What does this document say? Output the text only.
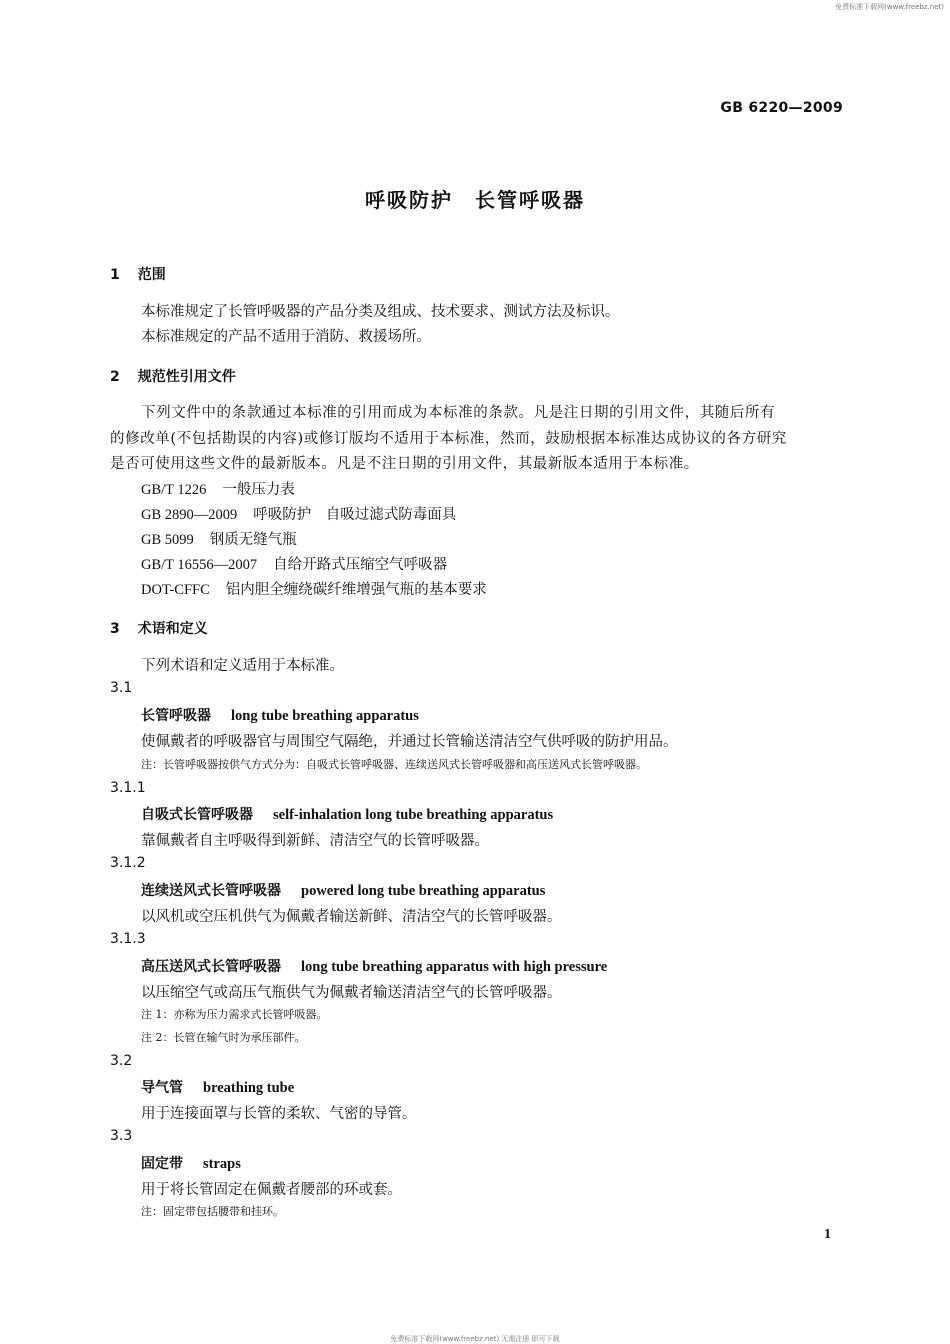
免费标准下载网(www.freebz.net)
GB 6220—2009
呼吸防护　长管呼吸器
1 范围
本标准规定了长管呼吸器的产品分类及组成、技术要求、测试方法及标识。
本标准规定的产品不适用于消防、救援场所。
2 规范性引用文件
下列文件中的条款通过本标准的引用而成为本标准的条款。凡是注日期的引用文件，其随后所有
的修改单(不包括勘误的内容)或修订版均不适用于本标准，然而，鼓励根据本标准达成协议的各方研究
是否可使用这些文件的最新版本。凡是不注日期的引用文件，其最新版本适用于本标准。
GB/T 1226 一般压力表
GB 2890—2009 呼吸防护　自吸过滤式防毒面具
GB 5099 钢质无缝气瓶
GB/T 16556—2007 自给开路式压缩空气呼吸器
DOT-CFFC 铝内胆全缠绕碳纤维增强气瓶的基本要求
3 术语和定义
下列术语和定义适用于本标准。
3.1
长管呼吸器 long tube breathing apparatus
使佩戴者的呼吸器官与周围空气隔绝，并通过长管输送清洁空气供呼吸的防护用品。
注：长管呼吸器按供气方式分为：自吸式长管呼吸器、连续送风式长管呼吸器和高压送风式长管呼吸器。
3.1.1
自吸式长管呼吸器 self-inhalation long tube breathing apparatus
靠佩戴者自主呼吸得到新鲜、清洁空气的长管呼吸器。
3.1.2
连续送风式长管呼吸器 powered long tube breathing apparatus
以风机或空压机供气为佩戴者输送新鲜、清洁空气的长管呼吸器。
3.1.3
高压送风式长管呼吸器 long tube breathing apparatus with high pressure
以压缩空气或高压气瓶供气为佩戴者输送清洁空气的长管呼吸器。
注 1：亦称为压力需求式长管呼吸器。
注 2：长管在输气时为承压部件。
3.2
导气管 breathing tube
用于连接面罩与长管的柔软、气密的导管。
3.3
固定带 straps
用于将长管固定在佩戴者腰部的环或套。
注：固定带包括腰带和挂环。
1
免费标准下载网(www.freebz.net) 无需注册 即可下载
